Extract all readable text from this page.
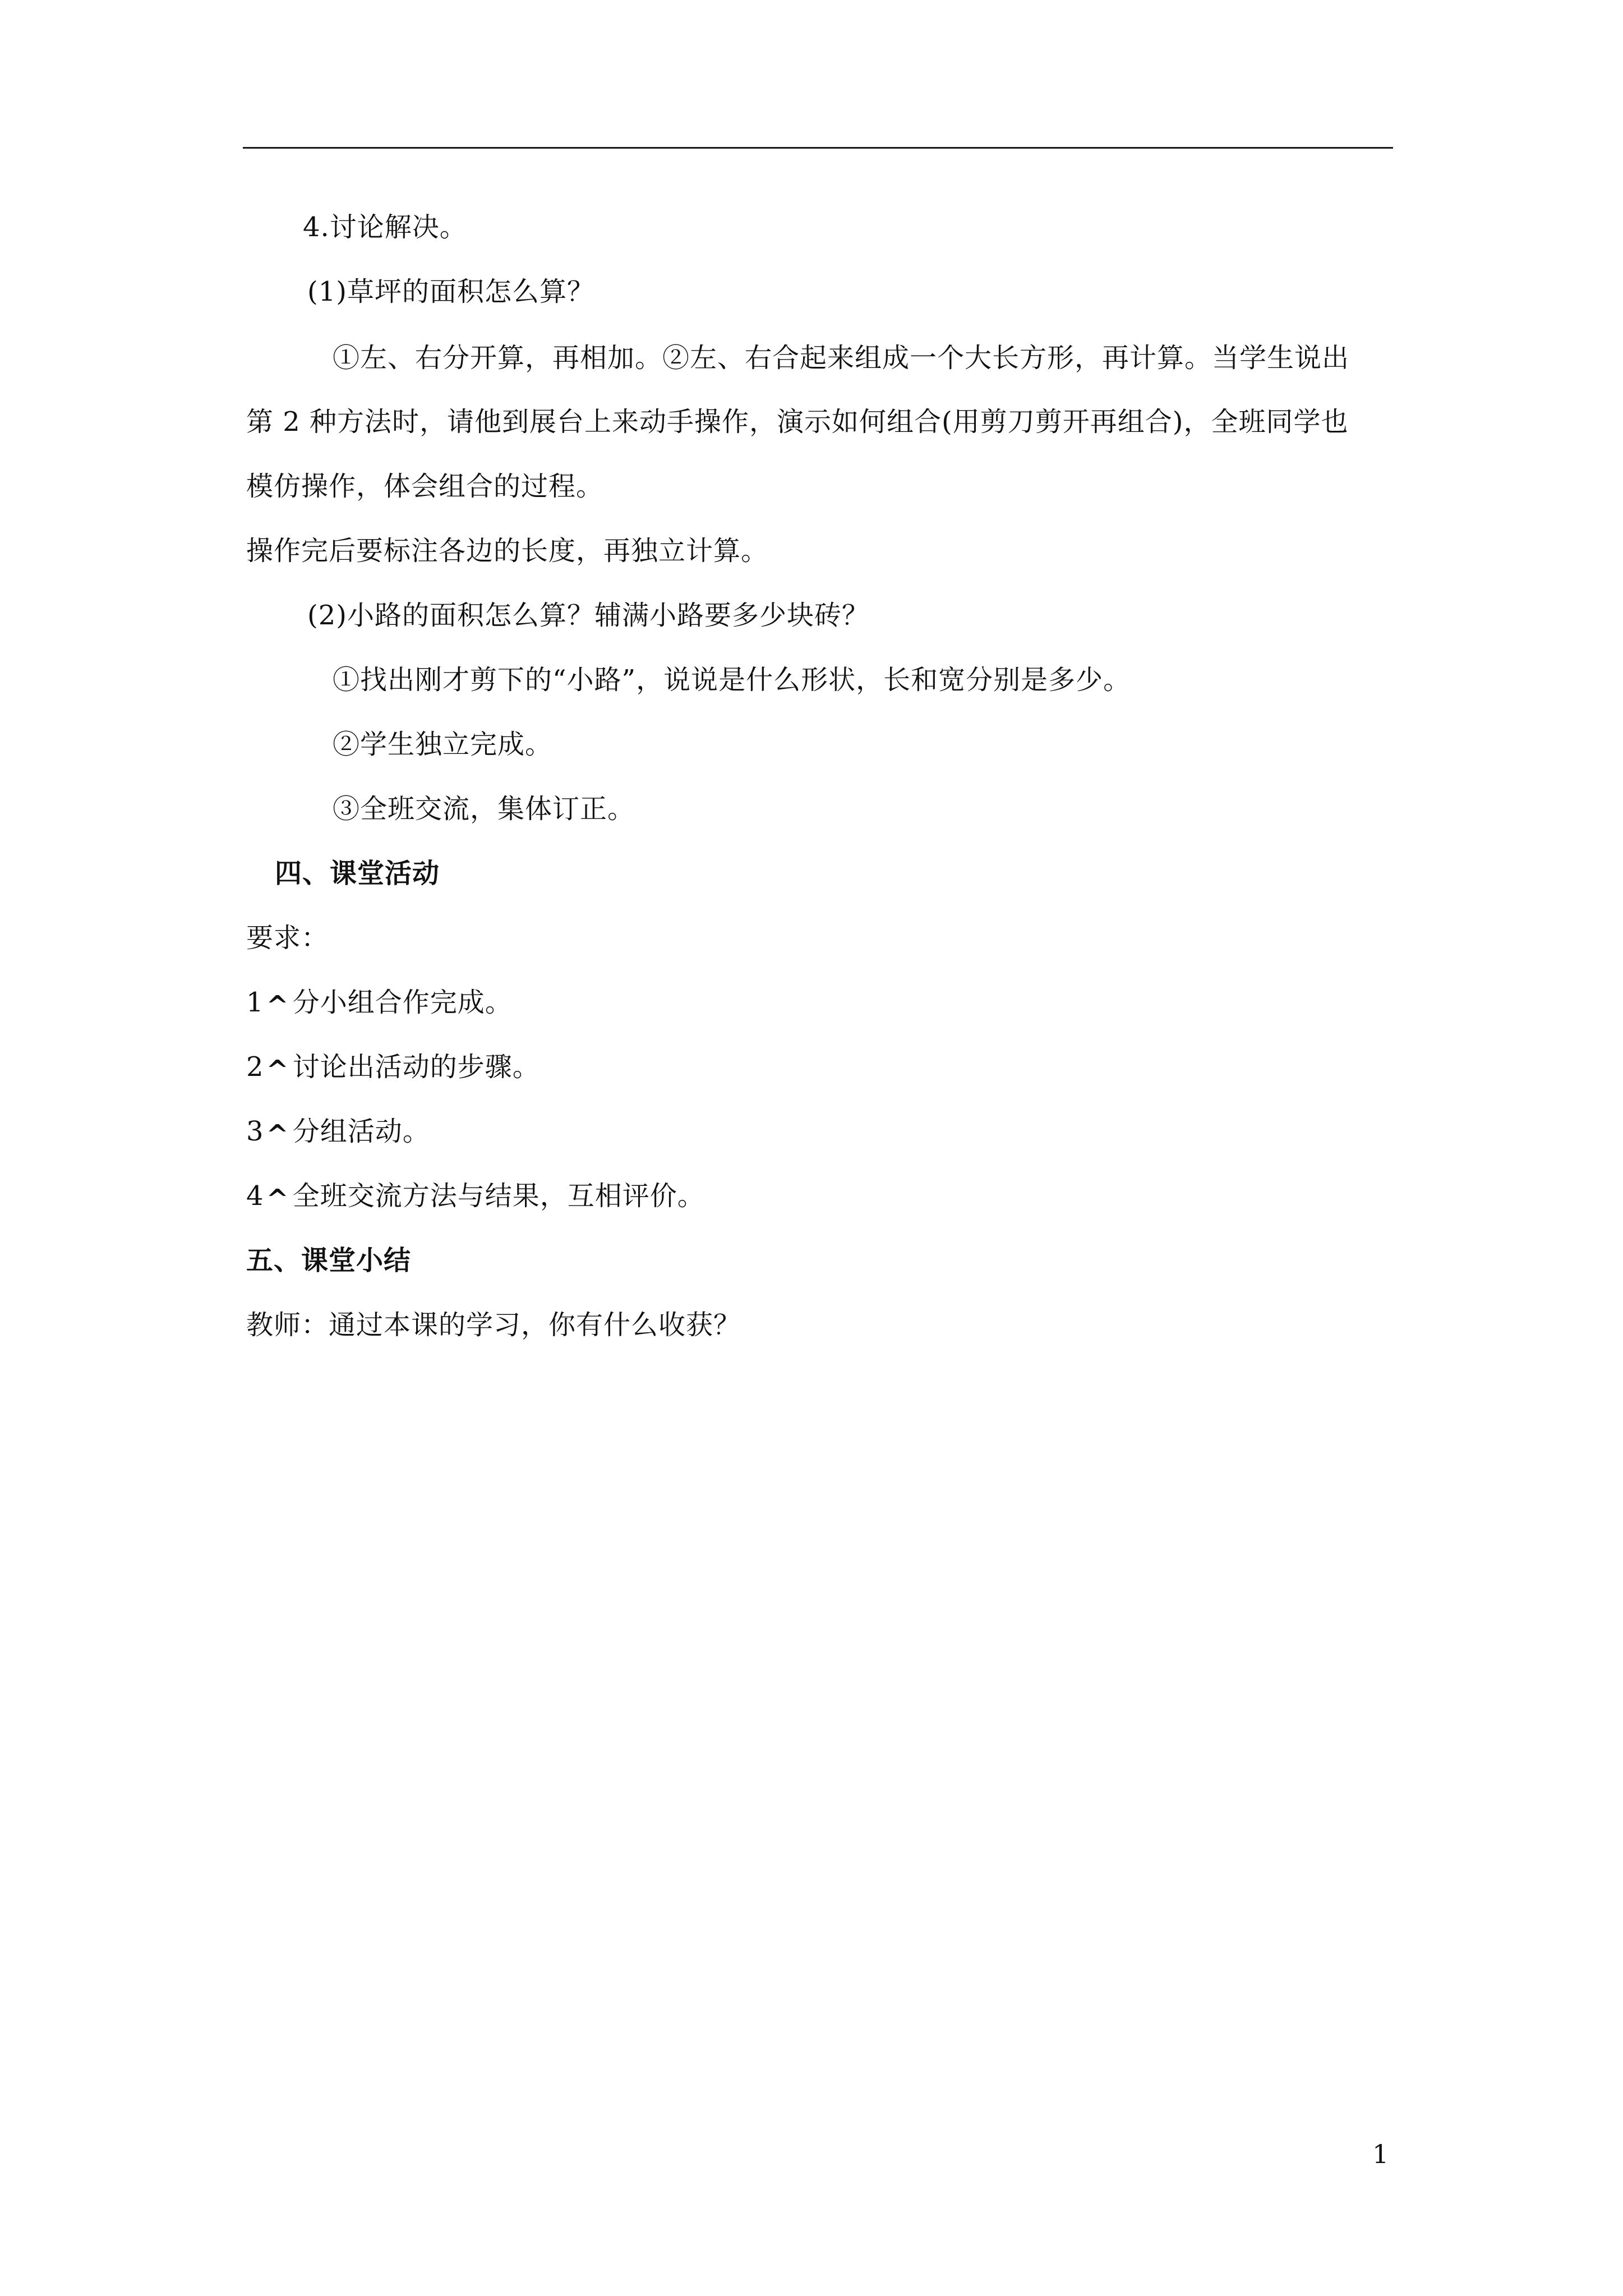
4.讨论解决。
(1)草坪的面积怎么算？
①左、右分开算，再相加。②左、右合起来组成一个大长方形，再计算。当学生说出
第 2 种方法时，请他到展台上来动手操作，演示如何组合(用剪刀剪开再组合)，全班同学也
模仿操作，体会组合的过程。
操作完后要标注各边的长度，再独立计算。
(2)小路的面积怎么算？辅满小路要多少块砖？
①找出刚才剪下的“小路”，说说是什么形状，长和宽分别是多少。
②学生独立完成。
③全班交流，集体订正。
四、课堂活动
要求：
1^ 分小组合作完成。
2^ 讨论出活动的步骤。
3^ 分组活动。
4^ 全班交流方法与结果，互相评价。
五、课堂小结
教师：通过本课的学习，你有什么收获？
1
